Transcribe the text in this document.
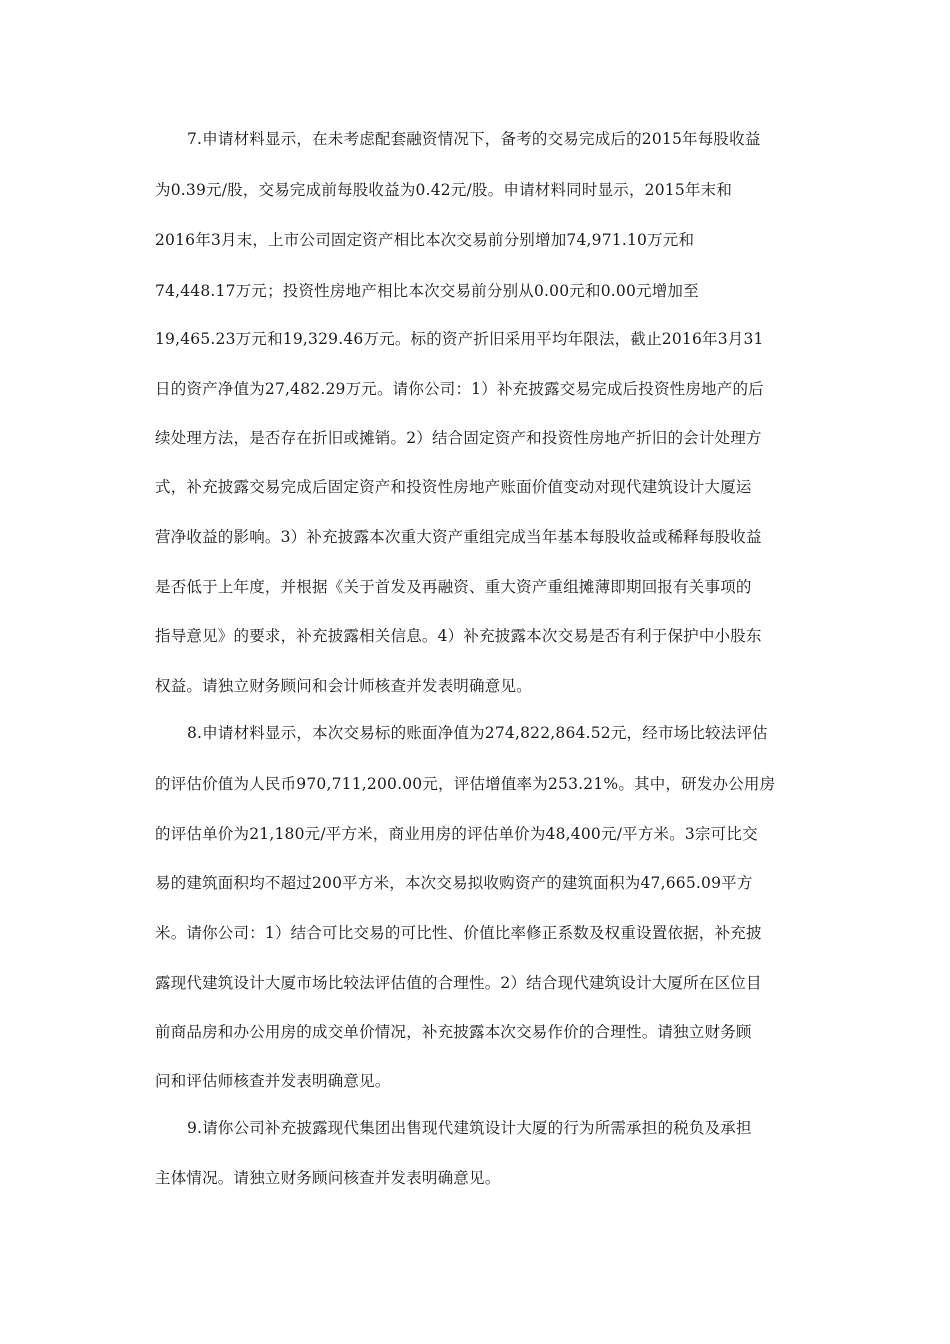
7.申请材料显示，在未考虑配套融资情况下，备考的交易完成后的2015年每股收益
为0.39元/股，交易完成前每股收益为0.42元/股。申请材料同时显示，2015年末和
2016年3月末，上市公司固定资产相比本次交易前分别增加74,971.10万元和
74,448.17万元；投资性房地产相比本次交易前分别从0.00元和0.00元增加至
19,465.23万元和19,329.46万元。标的资产折旧采用平均年限法，截止2016年3月31
日的资产净值为27,482.29万元。请你公司：1）补充披露交易完成后投资性房地产的后
续处理方法，是否存在折旧或摊销。2）结合固定资产和投资性房地产折旧的会计处理方
式，补充披露交易完成后固定资产和投资性房地产账面价值变动对现代建筑设计大厦运
营净收益的影响。3）补充披露本次重大资产重组完成当年基本每股收益或稀释每股收益
是否低于上年度，并根据《关于首发及再融资、重大资产重组摊薄即期回报有关事项的
指导意见》的要求，补充披露相关信息。4）补充披露本次交易是否有利于保护中小股东
权益。请独立财务顾问和会计师核查并发表明确意见。
8.申请材料显示，本次交易标的账面净值为274,822,864.52元，经市场比较法评估
的评估价值为人民币970,711,200.00元，评估增值率为253.21%。其中，研发办公用房
的评估单价为21,180元/平方米，商业用房的评估单价为48,400元/平方米。3宗可比交
易的建筑面积均不超过200平方米，本次交易拟收购资产的建筑面积为47,665.09平方
米。请你公司：1）结合可比交易的可比性、价值比率修正系数及权重设置依据，补充披
露现代建筑设计大厦市场比较法评估值的合理性。2）结合现代建筑设计大厦所在区位目
前商品房和办公用房的成交单价情况，补充披露本次交易作价的合理性。请独立财务顾
问和评估师核查并发表明确意见。
9.请你公司补充披露现代集团出售现代建筑设计大厦的行为所需承担的税负及承担
主体情况。请独立财务顾问核查并发表明确意见。
